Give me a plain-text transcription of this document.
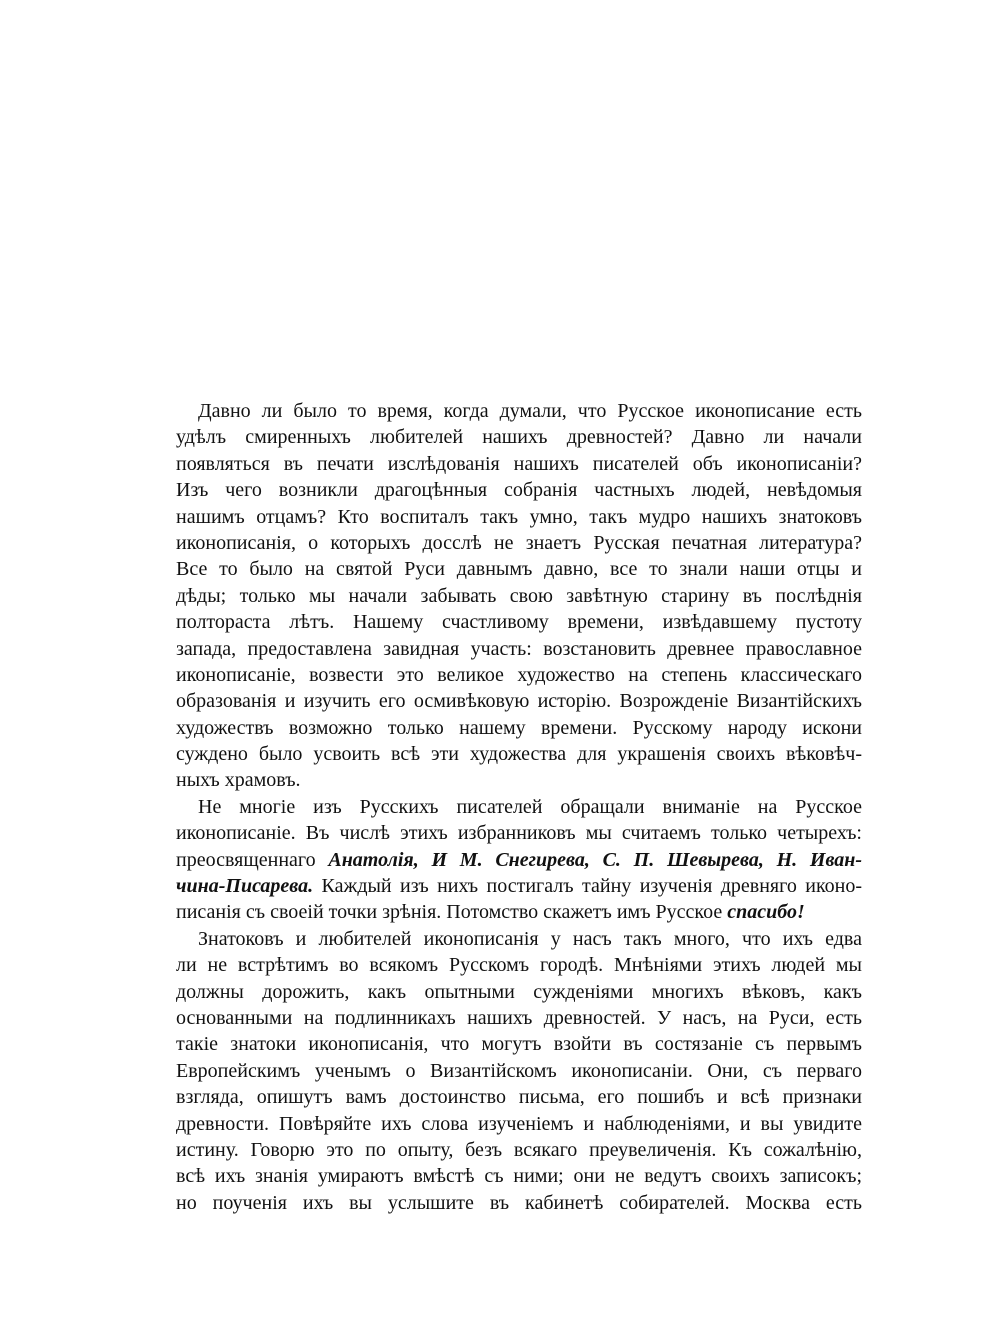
Давно ли было то время, когда думали, что Русское иконописание есть
удѣлъ смиренныхъ любителей нашихъ древностей? Давно ли начали
появляться въ печати изслѣдованія нашихъ писателей объ иконописаніи?
Изъ чего возникли драгоцѣнныя собранія частныхъ людей, невѣдомыя
нашимъ отцамъ? Кто воспиталъ такъ умно, такъ мудро нашихъ знатоковъ
иконописанія, о которыхъ досслѣ не знаетъ Русская печатная литература?
Все то было на святой Руси давнымъ давно, все то знали наши отцы и
дѣды; только мы начали забывать свою завѣтную старину въ послѣднія
полтораста лѣтъ. Нашему счастливому времени, извѣдавшему пустоту
запада, предоставлена завидная участь: возстановить древнее православное
иконописаніе, возвести это великое художество на степень классическаго
образованія и изучить его осмивѣковую исторію. Возрожденіе Византійскихъ
художествъ возможно только нашему времени. Русскому народу искони
суждено было усвоить всѣ эти художества для украшенія своихъ вѣковѣч-
ныхъ храмовъ.
Не многіе изъ Русскихъ писателей обращали вниманіе на Русское
иконописаніе. Въ числѣ этихъ избранниковъ мы считаемъ только четырехъ:
преосвященнаго Анатолія, И М. Снегирева, С. П. Шевырева, Н. Иван-
чина-Писарева. Каждый изъ нихъ постигалъ тайну изученія древняго иконо-
писанія съ своеiй точки зрѣнія. Потомство скажетъ имъ Русское спасибо!
Знатоковъ и любителей иконописанія у насъ такъ много, что ихъ едва
ли не встрѣтимъ во всякомъ Русскомъ городѣ. Мнѣніями этихъ людей мы
должны дорожить, какъ опытными сужденіями многихъ вѣковъ, какъ
основанными на подлинникахъ нашихъ древностей. У насъ, на Руси, есть
такіе знатоки иконописанія, что могутъ взойти въ состязаніе съ первымъ
Европейскимъ ученымъ о Византійскомъ иконописаніи. Они, съ перваго
взгляда, опишутъ вамъ достоинство письма, его пошибъ и всѣ признаки
древности. Повѣряйте ихъ слова изученіемъ и наблюденіями, и вы увидите
истину. Говорю это по опыту, безъ всякаго преувеличенія. Къ сожалѣнію,
всѣ ихъ знанія умираютъ вмѣстѣ съ ними; они не ведутъ своихъ записокъ;
но поученія ихъ вы услышите въ кабинетѣ собирателей. Москва есть
